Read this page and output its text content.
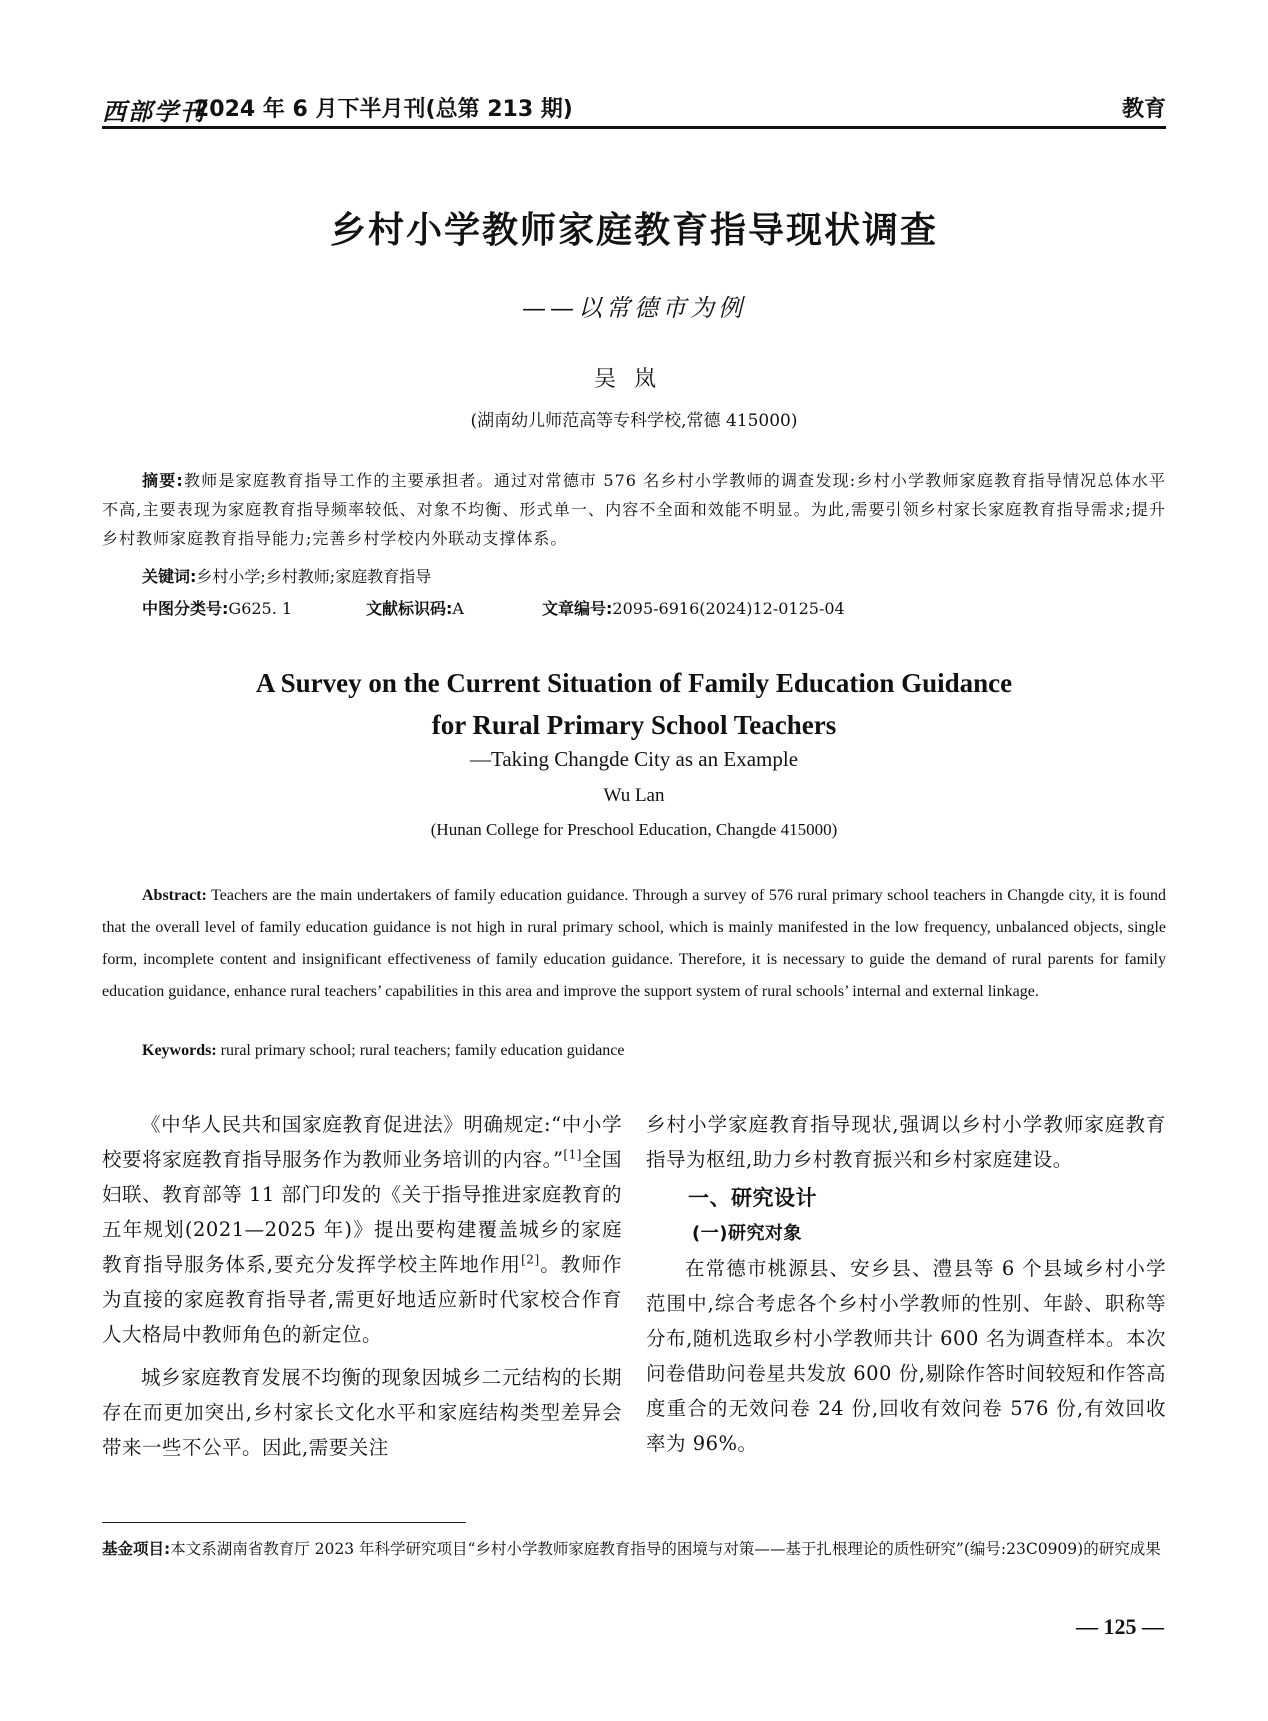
西部学刊
2024 年 6 月下半月刊(总第 213 期)	教育
乡村小学教师家庭教育指导现状调查
——以常德市为例
吴岚
(湖南幼儿师范高等专科学校,常德 415000)
摘要:教师是家庭教育指导工作的主要承担者。通过对常德市 576 名乡村小学教师的调查发现:乡村小学教师家庭教育指导情况总体水平不高,主要表现为家庭教育指导频率较低、对象不均衡、形式单一、内容不全面和效能不明显。为此,需要引领乡村家长家庭教育指导需求;提升乡村教师家庭教育指导能力;完善乡村学校内外联动支撑体系。
关键词:乡村小学;乡村教师;家庭教育指导
中图分类号:G625. 1	文献标识码:A	文章编号:2095-6916(2024)12-0125-04
A Survey on the Current Situation of Family Education Guidance
for Rural Primary School Teachers
—Taking Changde City as an Example
Wu Lan
(Hunan College for Preschool Education, Changde 415000)
Abstract: Teachers are the main undertakers of family education guidance. Through a survey of 576 rural primary school teachers in Changde city, it is found that the overall level of family education guidance is not high in rural primary school, which is mainly manifested in the low frequency, unbalanced objects, single form, incomplete content and insignificant effectiveness of family education guidance. Therefore, it is necessary to guide the demand of rural parents for family education guidance, enhance rural teachers’ capabilities in this area and improve the support system of rural schools’ internal and external linkage.
Keywords: rural primary school; rural teachers; family education guidance

《中华人民共和国家庭教育促进法》明确规定:“中小学校要将家庭教育指导服务作为教师业务培训的内容。”[1]全国妇联、教育部等 11 部门印发的《关于指导推进家庭教育的五年规划(2021—2025 年)》提出要构建覆盖城乡的家庭教育指导服务体系,要充分发挥学校主阵地作用[2]。教师作为直接的家庭教育指导者,需更好地适应新时代家校合作育人大格局中教师角色的新定位。

城乡家庭教育发展不均衡的现象因城乡二元结构的长期存在而更加突出,乡村家长文化水平和家庭结构类型差异会带来一些不公平。因此,需要关注

乡村小学家庭教育指导现状,强调以乡村小学教师家庭教育指导为枢纽,助力乡村教育振兴和乡村家庭建设。

一、研究设计

(一)研究对象

在常德市桃源县、安乡县、澧县等 6 个县域乡村小学范围中,综合考虑各个乡村小学教师的性别、年龄、职称等分布,随机选取乡村小学教师共计 600 名为调查样本。本次问卷借助问卷星共发放 600 份,剔除作答时间较短和作答高度重合的无效问卷 24 份,回收有效问卷 576 份,有效回收率为 96%。

基金项目:本文系湖南省教育厅 2023 年科学研究项目“乡村小学教师家庭教育指导的困境与对策——基于扎根理论的质性研究”(编号:23C0909)的研究成果
— 125 —
